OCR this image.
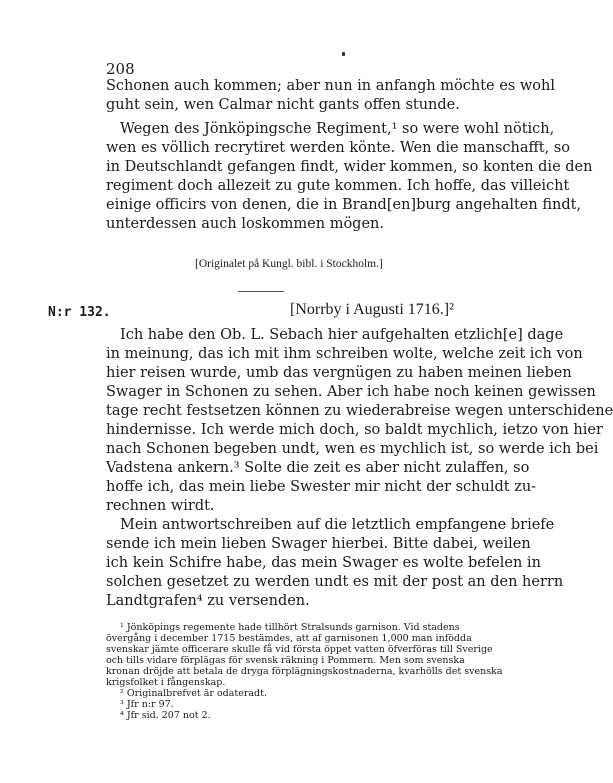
208
Schonen auch kommen; aber nun in anfangh möchte es wohl
guht sein, wen Calmar nicht gants offen stunde.
Wegen des Jönköpingsche Regiment,¹ so were wohl nötich,
wen es völlich recrytiret werden könte. Wen die manschafft, so
in Deutschlandt gefangen findt, wider kommen, so konten die den
regiment doch allezeit zu gute kommen. Ich hoffe, das villeicht
einige officirs von denen, die in Brand[en]burg angehalten findt,
unterdessen auch loskommen mögen.
[Originalet på Kungl. bibl. i Stockholm.]
N:r 132.	[Norrby i Augusti 1716.]²
Ich habe den Ob. L. Sebach hier aufgehalten etzlich[e] dage
in meinung, das ich mit ihm schreiben wolte, welche zeit ich von
hier reisen wurde, umb das vergnügen zu haben meinen lieben
Swager in Schonen zu sehen. Aber ich habe noch keinen gewissen
tage recht festsetzen können zu wiederabreise wegen unterschidene
hindernisse. Ich werde mich doch, so baldt mychlich, ietzo von hier
nach Schonen begeben undt, wen es mychlich ist, so werde ich bei
Vadstena ankern.³ Solte die zeit es aber nicht zulaffen, so
hoffe ich, das mein liebe Swester mir nicht der schuldt zu-
rechnen wirdt.
Mein antwortschreiben auf die letztlich empfangene briefe
sende ich mein lieben Swager hierbei. Bitte dabei, weilen
ich kein Schifre habe, das mein Swager es wolte befelen in
solchen gesetzet zu werden undt es mit der post an den herrn
Landtgrafen⁴ zu versenden.
¹ Jönköpings regemente hade tillhört Stralsunds garnison. Vid stadens
övergång i december 1715 bestämdes, att af garnisonen 1,000 man infödda
svenskar jämte officerare skulle få vid första öppet vatten öfverföras till Sverige
och tills vidare förplägas för svensk räkning i Pommern. Men som svenska
kronan dröjde att betala de dryga förplägningskostnaderna, kvarhölls det svenska
krigsfolket i fångenskap.
² Originalbrefvet är odateradt.
³ Jfr n:r 97.
⁴ Jfr sid. 207 not 2.
